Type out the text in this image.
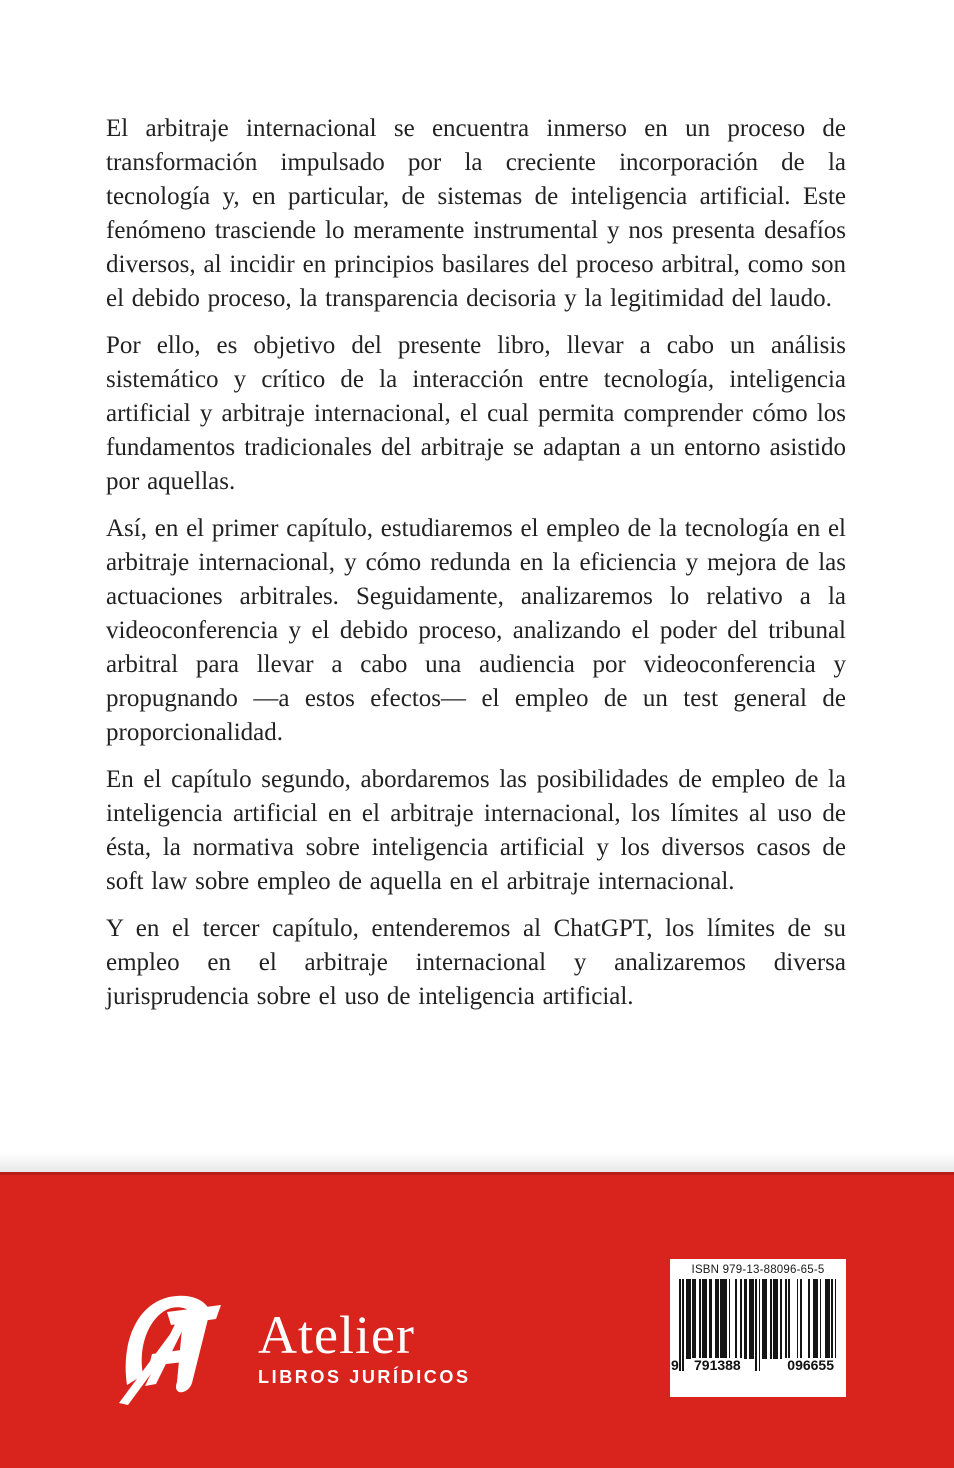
El arbitraje internacional se encuentra inmerso en un proceso de transformación impulsado por la creciente incorporación de la tecnología y, en particular, de sistemas de inteligencia artificial. Este fenómeno trasciende lo meramente instrumental y nos presenta desafíos diversos, al incidir en principios basilares del proceso arbitral, como son el debido proceso, la transparencia decisoria y la legitimidad del laudo.

Por ello, es objetivo del presente libro, llevar a cabo un análisis sistemático y crítico de la interacción entre tecnología, inteligencia artificial y arbitraje internacional, el cual permita comprender cómo los fundamentos tradicionales del arbitraje se adaptan a un entorno asistido por aquellas.

Así, en el primer capítulo, estudiaremos el empleo de la tecnología en el arbitraje internacional, y cómo redunda en la eficiencia y mejora de las actuaciones arbitrales. Seguidamente, analizaremos lo relativo a la videoconferencia y el debido proceso, analizando el poder del tribunal arbitral para llevar a cabo una audiencia por videoconferencia y propugnando —a estos efectos— el empleo de un test general de proporcionalidad.

En el capítulo segundo, abordaremos las posibilidades de empleo de la inteligencia artificial en el arbitraje internacional, los límites al uso de ésta, la normativa sobre inteligencia artificial y los diversos casos de soft law sobre empleo de aquella en el arbitraje internacional.

Y en el tercer capítulo, entenderemos al ChatGPT, los límites de su empleo en el arbitraje internacional y analizaremos diversa jurisprudencia sobre el uso de inteligencia artificial.

Atelier
LIBROS JURÍDICOS
ISBN 979-13-88096-65-5
9 791388	096655
